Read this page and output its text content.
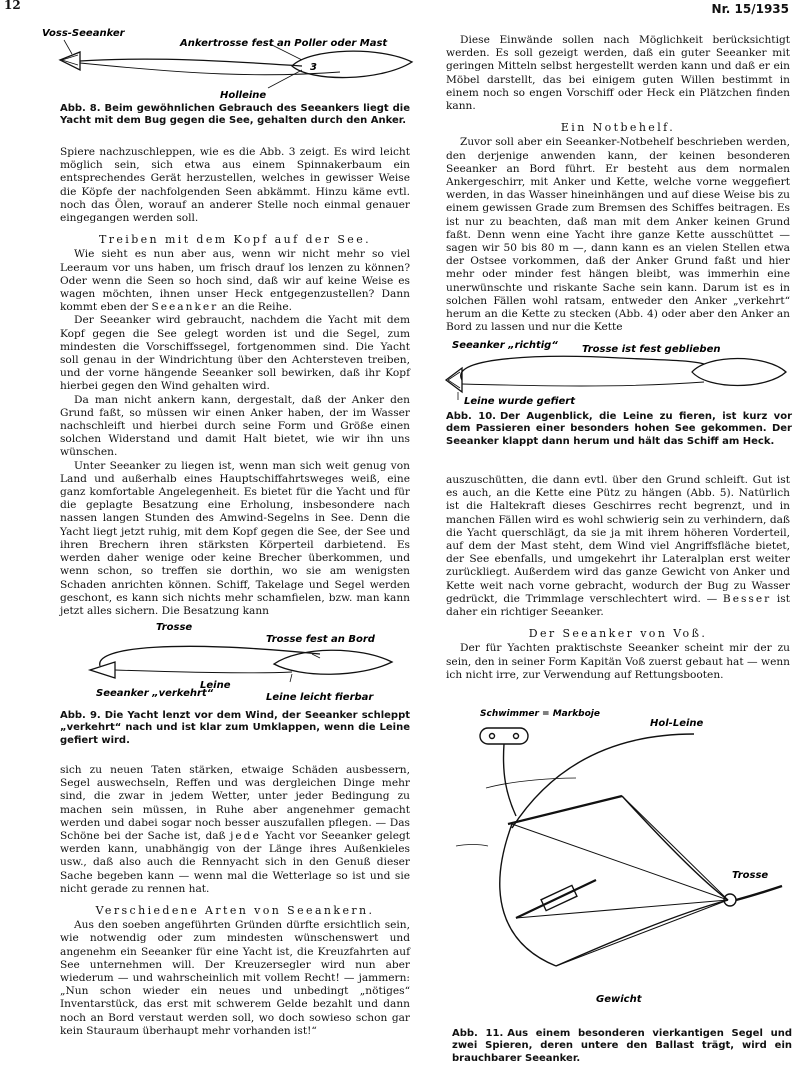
12	Nr. 15/1935
Voss-Seeanker
Ankertrosse fest an Poller oder Mast
3
Holleine
Abb. 8. Beim gewöhnlichen Gebrauch des Seeankers liegt die Yacht mit dem Bug gegen die See, gehalten durch den Anker.

Spiere nachzuschleppen, wie es die Abb. 3 zeigt. Es wird leicht möglich sein, sich etwa aus einem Spinnakerbaum ein entsprechendes Gerät herzustellen, welches in gewisser Weise die Köpfe der nachfolgenden Seen abkämmt. Hinzu käme evtl. noch das Ölen, worauf an anderer Stelle noch einmal genauer eingegangen werden soll.

Treiben mit dem Kopf auf der See.

Wie sieht es nun aber aus, wenn wir nicht mehr so viel Leeraum vor uns haben, um frisch drauf los lenzen zu können? Oder wenn die Seen so hoch sind, daß wir auf keine Weise es wagen möchten, ihnen unser Heck entgegenzustellen? Dann kommt eben der Seeanker an die Reihe.

Der Seeanker wird gebraucht, nachdem die Yacht mit dem Kopf gegen die See gelegt worden ist und die Segel, zum mindesten die Vorschiffssegel, fortgenommen sind. Die Yacht soll genau in der Windrichtung über den Achtersteven treiben, und der vorne hängende Seeanker soll bewirken, daß ihr Kopf hierbei gegen den Wind gehalten wird.

Da man nicht ankern kann, dergestalt, daß der Anker den Grund faßt, so müssen wir einen Anker haben, der im Wasser nachschleift und hierbei durch seine Form und Größe einen solchen Widerstand und damit Halt bietet, wie wir ihn uns wünschen.

Unter Seeanker zu liegen ist, wenn man sich weit genug von Land und außerhalb eines Hauptschiffahrtsweges weiß, eine ganz komfortable Angelegenheit. Es bietet für die Yacht und für die geplagte Besatzung eine Erholung, insbesondere nach nassen langen Stunden des Amwind-Segelns in See. Denn die Yacht liegt jetzt ruhig, mit dem Kopf gegen die See, der See und ihren Brechern ihren stärksten Körperteil darbietend. Es werden daher wenige oder keine Brecher überkommen, und wenn schon, so treffen sie dorthin, wo sie am wenigsten Schaden anrichten können. Schiff, Takelage und Segel werden geschont, es kann sich nichts mehr schamfielen, bzw. man kann jetzt alles sichern. Die Besatzung kann

Trosse
Trosse fest an Bord
Leine
Seeanker „verkehrt“	Leine leicht fierbar
Abb. 9. Die Yacht lenzt vor dem Wind, der Seeanker schleppt „verkehrt“ nach und ist klar zum Umklappen, wenn die Leine gefiert wird.

sich zu neuen Taten stärken, etwaige Schäden ausbessern, Segel auswechseln, Reffen und was dergleichen Dinge mehr sind, die zwar in jedem Wetter, unter jeder Bedingung zu machen sein müssen, in Ruhe aber angenehmer gemacht werden und dabei sogar noch besser auszufallen pflegen. — Das Schöne bei der Sache ist, daß jede Yacht vor Seeanker gelegt werden kann, unabhängig von der Länge ihres Außenkieles usw., daß also auch die Rennyacht sich in den Genuß dieser Sache begeben kann — wenn mal die Wetterlage so ist und sie nicht gerade zu rennen hat.

Verschiedene Arten von Seeankern.

Aus den soeben angeführten Gründen dürfte ersichtlich sein, wie notwendig oder zum mindesten wünschenswert und angenehm ein Seeanker für eine Yacht ist, die Kreuzfahrten auf See unternehmen will. Der Kreuzersegler wird nun aber wiederum — und wahrscheinlich mit vollem Recht! — jammern: „Nun schon wieder ein neues und unbedingt „nötiges“ Inventarstück, das erst mit schwerem Gelde bezahlt und dann noch an Bord verstaut werden soll, wo doch sowieso schon gar kein Stauraum überhaupt mehr vorhanden ist!“

Diese Einwände sollen nach Möglichkeit berücksichtigt werden. Es soll gezeigt werden, daß ein guter Seeanker mit geringen Mitteln selbst hergestellt werden kann und daß er ein Möbel darstellt, das bei einigem guten Willen bestimmt in einem noch so engen Vorschiff oder Heck ein Plätzchen finden kann.

Ein Notbehelf.

Zuvor soll aber ein Seeanker-Notbehelf beschrieben werden, den derjenige anwenden kann, der keinen besonderen Seeanker an Bord führt. Er besteht aus dem normalen Ankergeschirr, mit Anker und Kette, welche vorne weggefiert werden, in das Wasser hineinhängen und auf diese Weise bis zu einem gewissen Grade zum Bremsen des Schiffes beitragen. Es ist nur zu beachten, daß man mit dem Anker keinen Grund faßt. Denn wenn eine Yacht ihre ganze Kette ausschüttet — sagen wir 50 bis 80 m —, dann kann es an vielen Stellen etwa der Ostsee vorkommen, daß der Anker Grund faßt und hier mehr oder minder fest hängen bleibt, was immerhin eine unerwünschte und riskante Sache sein kann. Darum ist es in solchen Fällen wohl ratsam, entweder den Anker „verkehrt“ herum an die Kette zu stecken (Abb. 4) oder aber den Anker an Bord zu lassen und nur die Kette

Seeanker „richtig“ Trosse ist fest geblieben
Leine wurde gefiert
Abb. 10. Der Augenblick, die Leine zu fieren, ist kurz vor dem Passieren einer besonders hohen See gekommen. Der Seeanker klappt dann herum und hält das Schiff am Heck.

auszuschütten, die dann evtl. über den Grund schleift. Gut ist es auch, an die Kette eine Pütz zu hängen (Abb. 5). Natürlich ist die Haltekraft dieses Geschirres recht begrenzt, und in manchen Fällen wird es wohl schwierig sein zu verhindern, daß die Yacht querschlägt, da sie ja mit ihrem höheren Vorderteil, auf dem der Mast steht, dem Wind viel Angriffsfläche bietet, der See ebenfalls, und umgekehrt ihr Lateralplan erst weiter zurückliegt. Außerdem wird das ganze Gewicht von Anker und Kette weit nach vorne gebracht, wodurch der Bug zu Wasser gedrückt, die Trimmlage verschlechtert wird. — Besser ist daher ein richtiger Seeanker.

Der Seeanker von Voß.

Der für Yachten praktischste Seeanker scheint mir der zu sein, den in seiner Form Kapitän Voß zuerst gebaut hat — wenn ich nicht irre, zur Verwendung auf Rettungsbooten.

Schwimmer = Markboje
Hol-Leine
Trosse
Gewicht
Abb. 11. Aus einem besonderen vierkantigen Segel und zwei Spieren, deren untere den Ballast trägt, wird ein brauchbarer Seeanker.
